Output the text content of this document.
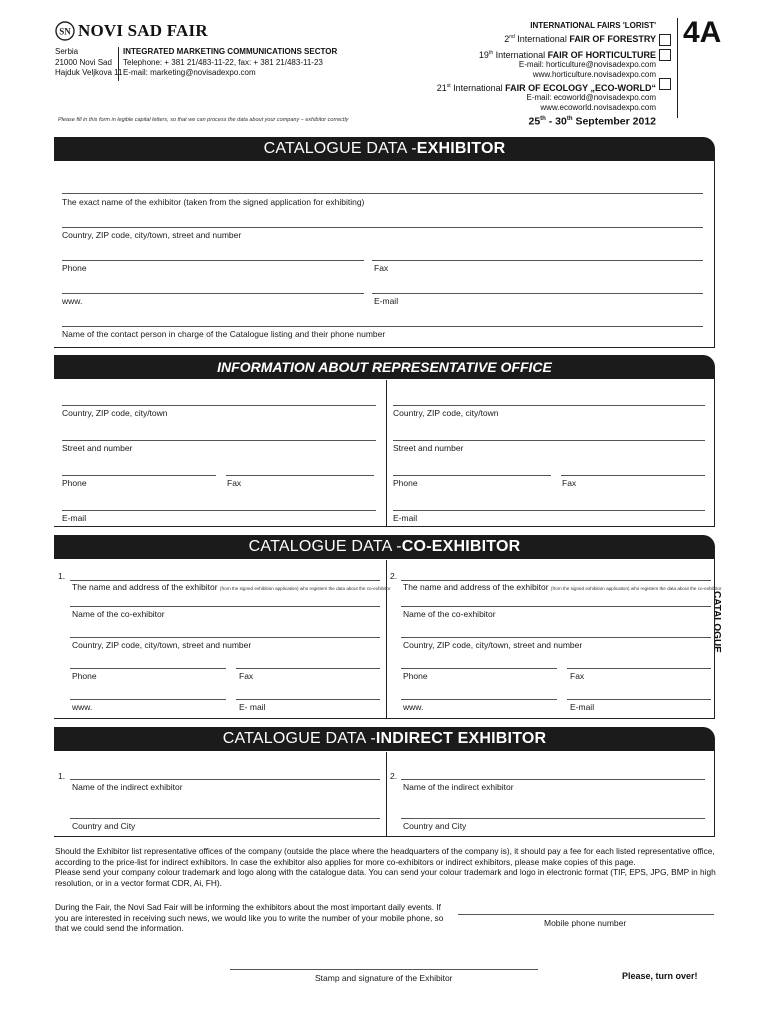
SN NOVI SAD FAIR
Serbia
21000 Novi Sad
Hajduk Veljkova 11
INTEGRATED MARKETING COMMUNICATIONS SECTOR
Telephone: + 381 21/483-11-22, fax: + 381 21/483-11-23
E-mail: marketing@novisadexpo.com
INTERNATIONAL FAIRS 'LORIST'
2nd International FAIR OF FORESTRY
19th International FAIR OF HORTICULTURE
E-mail: horticulture@novisadexpo.com
www.horticulture.novisadexpo.com
21st International FAIR OF ECOLOGY „ECO-WORLD“
E-mail: ecoworld@novisadexpo.com
www.ecoworld.novisadexpo.com
25th - 30th September 2012
4A
Please fill in this form in legible capital letters, so that we can process the data about your company – exhibitor correctly
CATALOGUE
CATALOGUE DATA -EXHIBITOR
The exact name of the exhibitor (taken from the signed application for exhibiting)
Country, ZIP code, city/town, street and number
Phone	Fax
www.	E-mail
Name of the contact person in charge of the Catalogue listing and their phone number
INFORMATION ABOUT REPRESENTATIVE OFFICE
Country, ZIP code, city/town
Street and number
Phone	Fax
E-mail
Country, ZIP code, city/town
Street and number
Phone	Fax
E-mail
CATALOGUE DATA -CO-EXHIBITOR
1.
The name and address of the exhibitor (from the signed exhibition application) who registers the data about the co-exhibitor
Name of the co-exhibitor
Country, ZIP code, city/town, street and number
Phone	Fax
www.	E- mail
2.
The name and address of the exhibitor (from the signed exhibition application) who registers the data about the co-exhibitor
Name of the co-exhibitor
Country, ZIP code, city/town, street and number
Phone	Fax
www.	E-mail
CATALOGUE DATA -INDIRECT EXHIBITOR
1.
Name of the indirect exhibitor
Country and City
2.
Name of the indirect exhibitor
Country and City
Should the Exhibitor list representative offices of the company (outside the place where the headquarters of the company is), it should pay a fee for each listed representative office, according to the price-list for indirect exhibitors. In case the exhibitor also applies for more co-exhibitors or indirect exhibitors, please make copies of this page.
Please send your company colour trademark and logo along with the catalogue data. You can send your colour trademark and logo in electronic format (TIF, EPS, JPG, BMP in high resolution, or in a vector format CDR, Ai, FH).
During the Fair, the Novi Sad Fair will be informing the exhibitors about the most important daily events. If you are interested in receiving such news, we would like you to write the number of your mobile phone, so that we could send the information.
Mobile phone number
Stamp and signature of the Exhibitor	Please, turn over!
